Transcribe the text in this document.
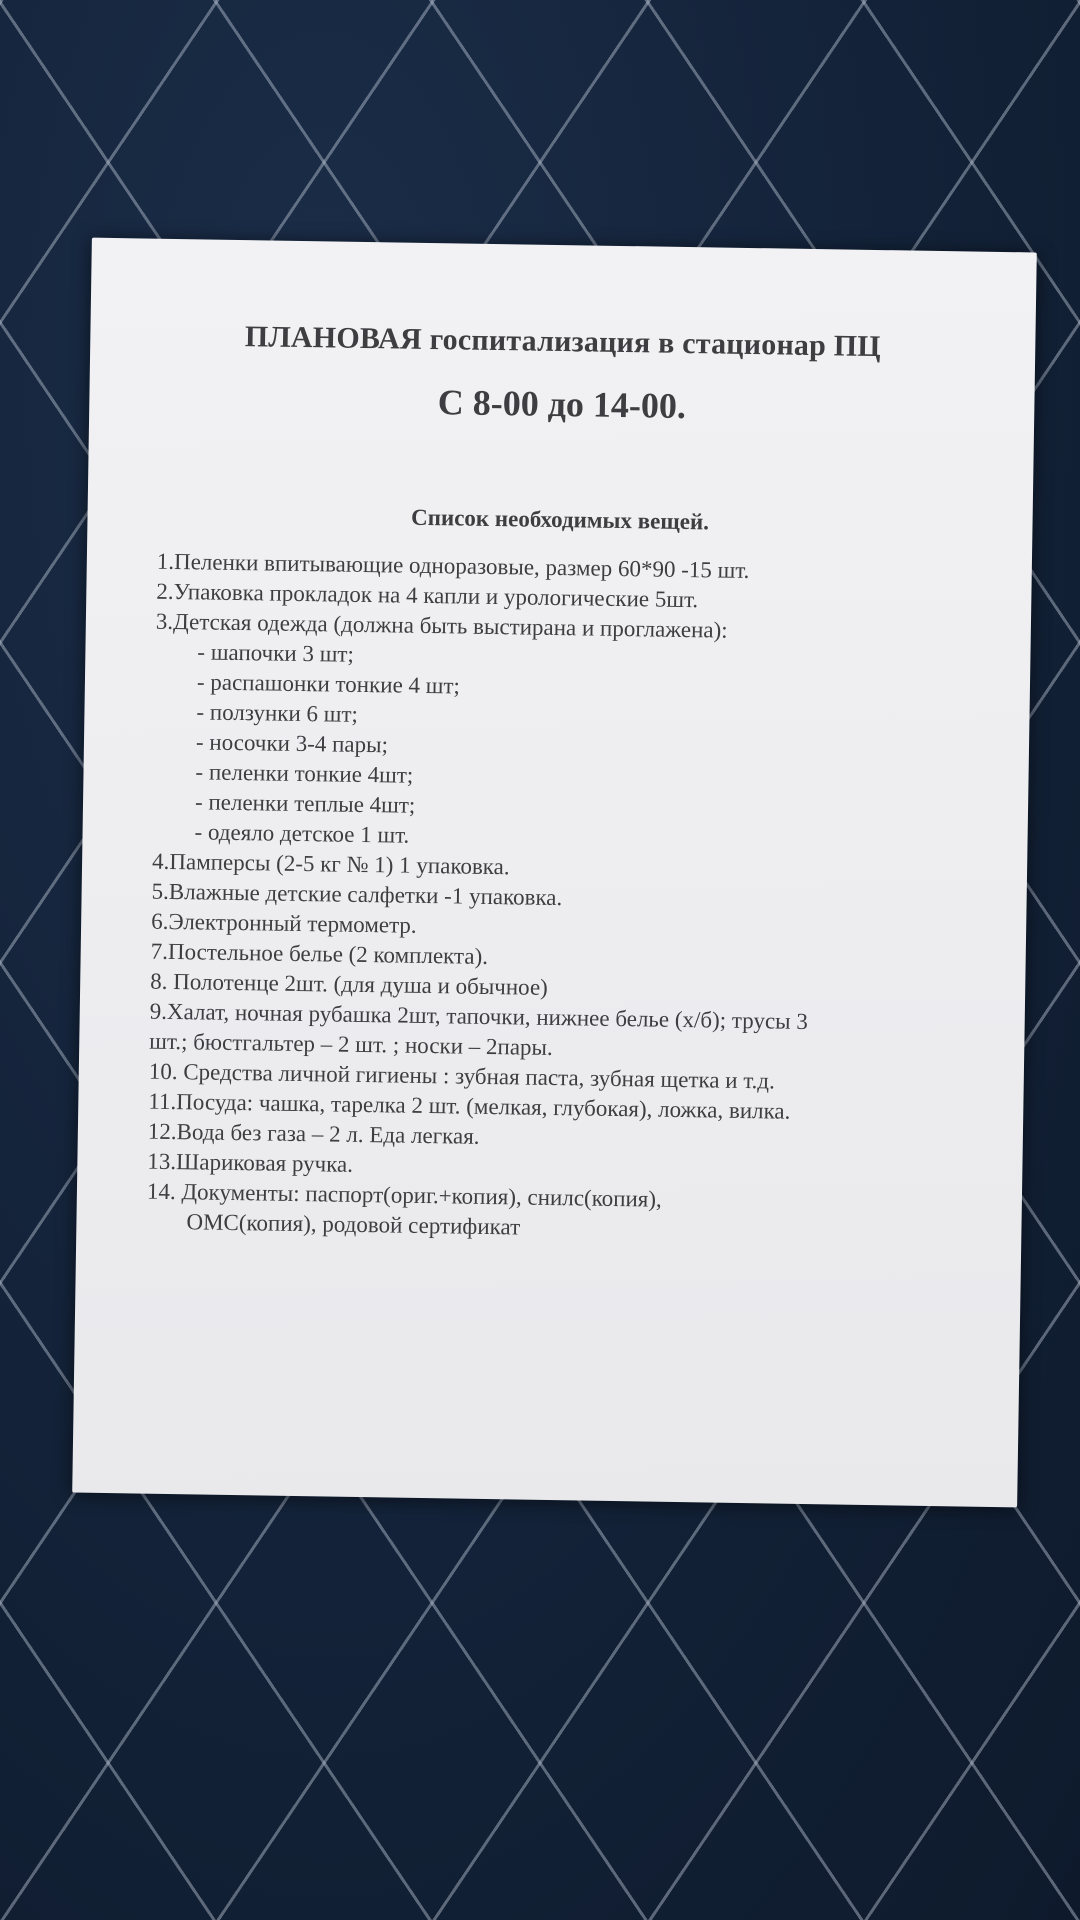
ПЛАНОВАЯ госпитализация в стационар ПЦ
С 8-00 до 14-00.
Список необходимых вещей.

1.Пеленки впитывающие одноразовые, размер 60*90 -15 шт.

2.Упаковка прокладок на 4 капли и урологические 5шт.

3.Детская одежда (должна быть выстирана и проглажена):

- шапочки 3 шт;

- распашонки тонкие 4 шт;

- ползунки 6 шт;

- носочки 3-4 пары;

- пеленки тонкие 4шт;

- пеленки теплые 4шт;

- одеяло детское 1 шт.

4.Памперсы (2-5 кг № 1) 1 упаковка.

5.Влажные детские салфетки -1 упаковка.

6.Электронный термометр.

7.Постельное белье (2 комплекта).

8. Полотенце 2шт. (для душа и обычное)

9.Халат, ночная рубашка 2шт, тапочки, нижнее белье (х/б); трусы 3

шт.; бюстгальтер – 2 шт. ; носки – 2пары.

10. Средства личной гигиены : зубная паста, зубная щетка и т.д.

11.Посуда: чашка, тарелка 2 шт. (мелкая, глубокая), ложка, вилка.

12.Вода без газа – 2 л. Еда легкая.

13.Шариковая ручка.

14. Документы: паспорт(ориг.+копия), снилс(копия),

ОМС(копия), родовой сертификат
